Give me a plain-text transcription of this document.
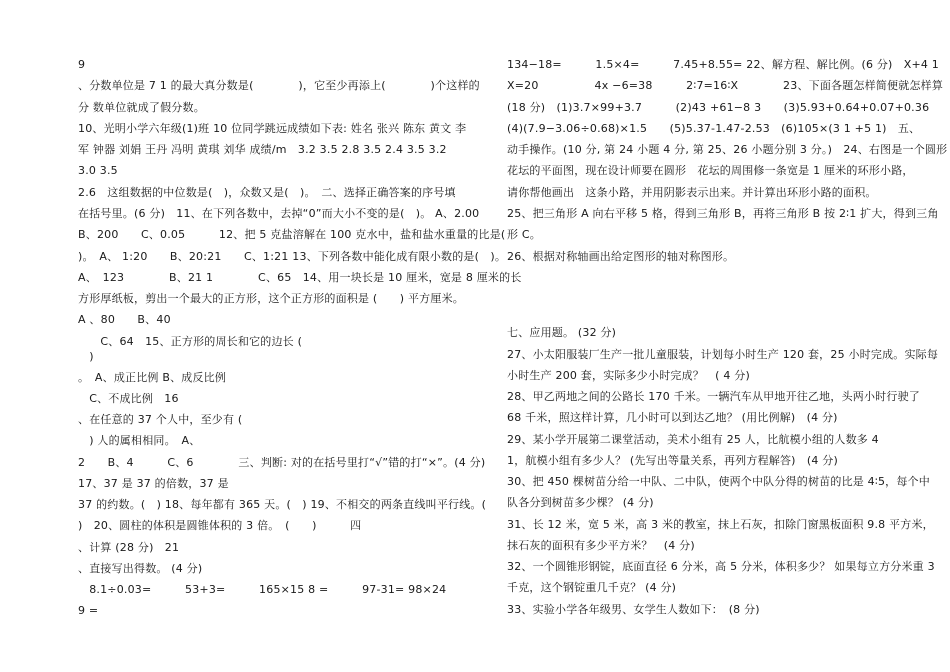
9
、分数单位是 7 1 的最大真分数是(　　　　)，它至少再添上(　　　　)个这样的
分 数单位就成了假分数。
10、光明小学六年级(1)班 10 位同学跳远成绩如下表: 姓名 张兴 陈东 黄文 李
军 钟器 刘娟 王丹 冯明 黄琪 刘华 成绩/m　3.2 3.5 2.8 3.5 2.4 3.5 3.2
3.0 3.5
2.6　这组数据的中位数是(　)，众数又是(　)。　二、选择正确答案的序号填
在括号里。(6 分)　11、在下列各数中，去掉“0”而大小不变的是(　)。 A、2.00
B、200　　C、0.05　　　12、把 5 克盐溶解在 100 克水中，盐和盐水重量的比是(
)。　A、 1:20　　B、20:21　　C、1:21 13、下列各数中能化成有限小数的是(　)。
A、　123　　　　B、21 1　　　　C、65　14、用一块长是 10 厘米，宽是 8 厘米的长
方形厚纸板，剪出一个最大的正方形，这个正方形的面积是 (　　) 平方厘米。
A 、80　　B、40
　　C、64　15、正方形的周长和它的边长 (
　)
。　A、成正比例 B、成反比例
　C、不成比例　16
、在任意的 37 个人中，至少有 (
　) 人的属相相同。　A、
2　　B、4　　　C、6　　　　三、判断: 对的在括号里打“√”错的打“×”。(4 分)
17、37 是 37 的倍数，37 是
37 的约数。(　) 18、每年都有 365 天。(　) 19、不相交的两条直线叫平行线。(
)　20、圆柱的体积是圆锥体积的 3 倍。　(　　)　　　四
、计算 (28 分)　21
、直接写出得数。 (4 分)
　8.1÷0.03=　　　53+3=　　　165×15 8 =　　　97-31= 98×24
9 =
134−18=　　　1.5×4=　　　7.45+8.55= 22、解方程、解比例。(6 分)　X+4 1
X=20　　　　　4x −6=38　　　2∶7=16∶X　　　　23、下面各题怎样简便就怎样算
(18 分)　(1)3.7×99+3.7　　　(2)43 +61−8 3　　(3)5.93+0.64+0.07+0.36
(4)(7.9−3.06÷0.68)×1.5　　(5)5.37-1.47-2.53　(6)105×(3 1 +5 1)　五、
动手操作。(10 分, 第 24 小题 4 分, 第 25、26 小题分别 3 分。)　24、右图是一个圆形
花坛的平面图，现在设计师要在圆形　花坛的周围修一条宽是 1 厘米的环形小路，
请你帮他画出　这条小路，并用阴影表示出来。并计算出环形小路的面积。
25、把三角形 A 向右平移 5 格，得到三角形 B，再将三角形 B 按 2∶1 扩大，得到三角
形 C。
26、根据对称轴画出给定图形的轴对称图形。
七、应用题。 (32 分)
27、小太阳服装厂生产一批儿童服装，计划每小时生产 120 套，25 小时完成。实际每
小时生产 200 套，实际多少小时完成？　( 4 分)
28、甲乙两地之间的公路长 170 千米。一辆汽车从甲地开往乙地，头两小时行驶了
68 千米，照这样计算，几小时可以到达乙地？ (用比例解)　(4 分)
29、某小学开展第二课堂活动，美术小组有 25 人，比航模小组的人数多 4
1，航模小组有多少人？ (先写出等量关系，再列方程解答)　(4 分)
30、把 450 棵树苗分给一中队、二中队，使两个中队分得的树苗的比是 4∶5，每个中
队各分到树苗多少棵？ (4 分)
31、长 12 米，宽 5 米，高 3 米的教室，抹上石灰，扣除门窗黑板面积 9.8 平方米，
抹石灰的面积有多少平方米？　(4 分)
32、一个圆锥形钢锭，底面直径 6 分米，高 5 分米，体积多少？ 如果每立方分米重 3
千克，这个钢锭重几千克？ (4 分)
33、实验小学各年级男、女学生人数如下：　(8 分)
